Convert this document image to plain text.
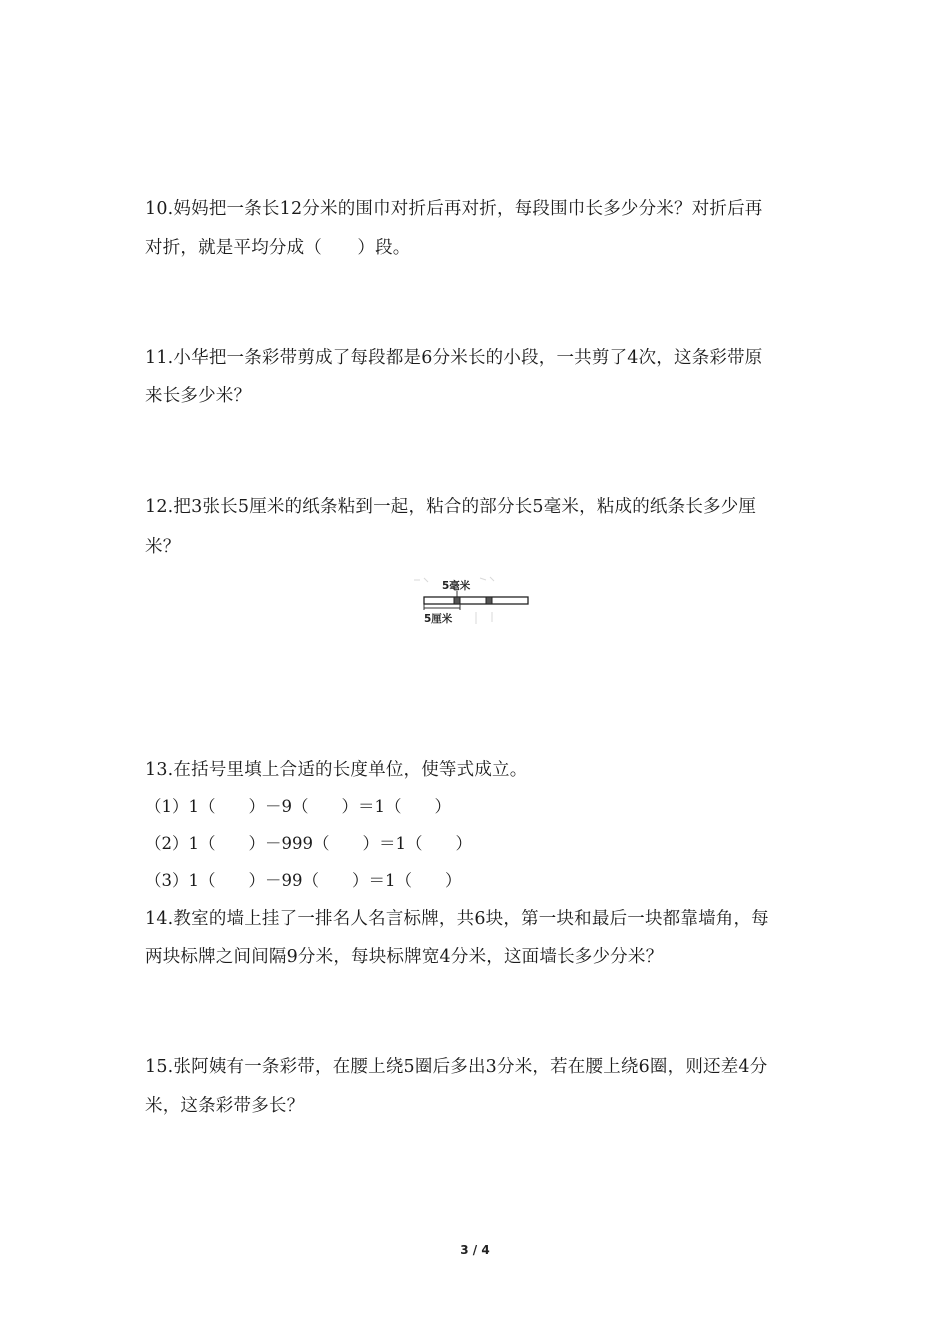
10.妈妈把一条长12分米的围巾对折后再对折，每段围巾长多少分米？对折后再
对折，就是平均分成（　　）段。
11.小华把一条彩带剪成了每段都是6分米长的小段，一共剪了4次，这条彩带原
来长多少米？
12.把3张长5厘米的纸条粘到一起，粘合的部分长5毫米，粘成的纸条长多少厘
米？
5毫米
5厘米
13.在括号里填上合适的长度单位，使等式成立。
（1）1（　　）－9（　　）＝1（　　）
（2）1（　　）－999（　　）＝1（　　）
（3）1（　　）－99（　　）＝1（　　）
14.教室的墙上挂了一排名人名言标牌，共6块，第一块和最后一块都靠墙角，每
两块标牌之间间隔9分米，每块标牌宽4分米，这面墙长多少分米？
15.张阿姨有一条彩带，在腰上绕5圈后多出3分米，若在腰上绕6圈，则还差4分
米，这条彩带多长？
3 / 4
